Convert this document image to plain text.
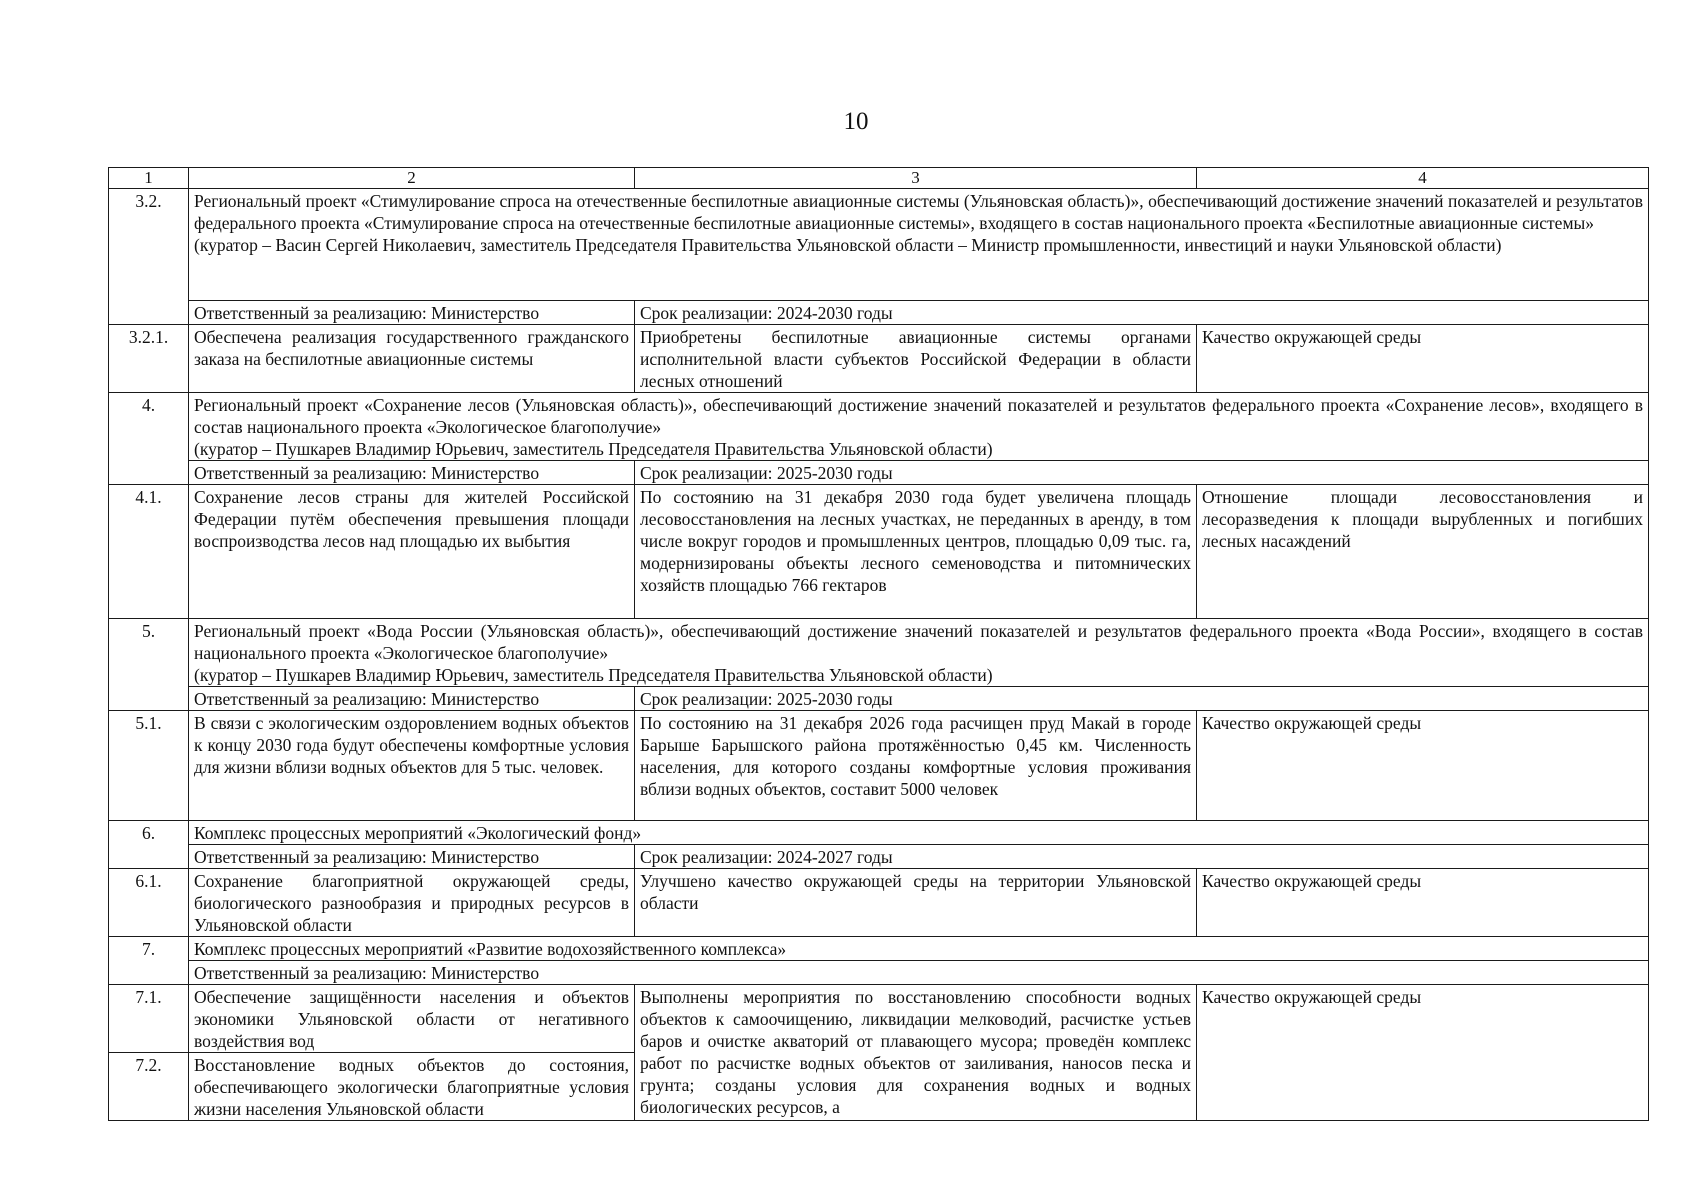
10
1	2	3	4
3.2.	Региональный проект «Стимулирование спроса на отечественные беспилотные авиационные системы (Ульяновская область)», обеспечивающий достижение значений показателей и результатов федерального проекта «Стимулирование спроса на отечественные беспилотные авиационные системы», входящего в состав национального проекта «Беспилотные авиационные системы»
(куратор – Васин Сергей Николаевич, заместитель Председателя Правительства Ульяновской области – Министр промышленности, инвестиций и науки Ульяновской области)		

	Ответственный за реализацию: Министерство	Срок реализации: 2024-2030 годы	
3.2.1.	Обеспечена реализация государственного гражданского заказа на беспилотные авиационные системы	Приобретены беспилотные авиационные системы органами исполнительной власти субъектов Российской Федерации в области лесных отношений	Качество окружающей среды
4.	Региональный проект «Сохранение лесов (Ульяновская область)», обеспечивающий достижение значений показателей и результатов федерального проекта «Сохранение лесов», входящего в состав национального проекта «Экологическое благополучие»
(куратор – Пушкарев Владимир Юрьевич, заместитель Председателя Правительства Ульяновской области)		

	Ответственный за реализацию: Министерство	Срок реализации: 2025-2030 годы	
4.1.	Сохранение лесов страны для жителей Российской Федерации путём обеспечения превышения площади воспроизводства лесов над площадью их выбытия	По состоянию на 31 декабря 2030 года будет увеличена площадь лесовосстановления на лесных участках, не переданных в аренду, в том числе вокруг городов и промышленных центров, площадью 0,09 тыс. га, модернизированы объекты лесного семеноводства и питомнических хозяйств площадью 766 гектаров	Отношение площади лесовосстановления и лесоразведения к площади вырубленных и погибших лесных насаждений
5.	Региональный проект «Вода России (Ульяновская область)», обеспечивающий достижение значений показателей и результатов федерального проекта «Вода России», входящего в состав национального проекта «Экологическое благополучие»
(куратор – Пушкарев Владимир Юрьевич, заместитель Председателя Правительства Ульяновской области)		

	Ответственный за реализацию: Министерство	Срок реализации: 2025-2030 годы	
5.1.	В связи с экологическим оздоровлением водных объектов к концу 2030 года будут обеспечены комфортные условия для жизни вблизи водных объектов для 5 тыс. человек.	По состоянию на 31 декабря 2026 года расчищен пруд Макай в городе Барыше Барышского района протяжённостью 0,45 км. Численность населения, для которого созданы комфортные условия проживания вблизи водных объектов, составит 5000 человек	Качество окружающей среды
6.	Комплекс процессных мероприятий «Экологический фонд»		
	Ответственный за реализацию: Министерство	Срок реализации: 2024-2027 годы	
6.1.	Сохранение благоприятной окружающей среды, биологического разнообразия и природных ресурсов в Ульяновской области	Улучшено качество окружающей среды на территории Ульяновской области	Качество окружающей среды
7.	Комплекс процессных мероприятий «Развитие водохозяйственного комплекса»		
	Ответственный за реализацию: Министерство		
7.1.	Обеспечение защищённости населения и объектов экономики Ульяновской области от негативного воздействия вод	Выполнены мероприятия по восстановлению способности водных объектов к самоочищению, ликвидации мелководий, расчистке устьев баров и очистке акваторий от плавающего мусора; проведён комплекс работ по расчистке водных объектов от заиливания, наносов песка и грунта; созданы условия для сохранения водных и водных биологических ресурсов, а	Качество окружающей среды
7.2.	Восстановление водных объектов до состояния, обеспечивающего экологически благоприятные условия жизни населения Ульяновской области		
